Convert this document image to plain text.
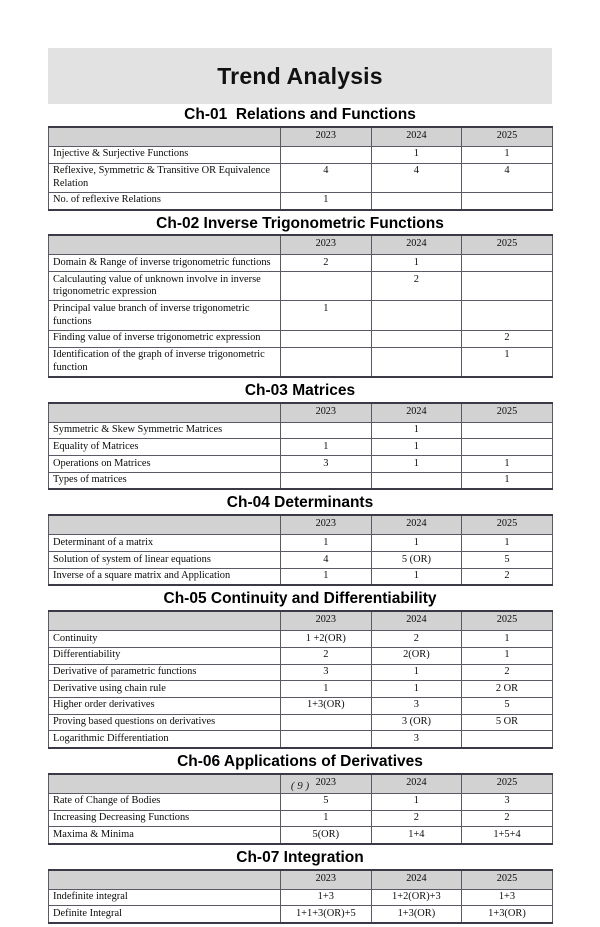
Trend Analysis
Ch-01  Relations and Functions
	2023	2024	2025
Injective & Surjective Functions		1	1
Reflexive, Symmetric & Transitive OR Equivalence Relation	4	4	4
No. of reflexive Relations	1		
Ch-02 Inverse Trigonometric Functions
	2023	2024	2025
Domain & Range of inverse trigonometric functions	2	1	
Calculauting value of unknown involve in inverse trigonometric expression		2	
Principal value branch of inverse trigonometric functions	1		
Finding value of inverse trigonometric expression			2
Identification of the graph of inverse trigonometric function			1
Ch-03 Matrices
	2023	2024	2025
Symmetric & Skew Symmetric Matrices		1	
Equality of Matrices	1	1	
Operations on Matrices	3	1	1
Types of matrices			1
Ch-04 Determinants
	2023	2024	2025
Determinant of a matrix	1	1	1
Solution of system of linear equations	4	5 (OR)	5
Inverse of a square matrix and Application	1	1	2
Ch-05 Continuity and Differentiability
	2023	2024	2025
Continuity	1 +2(OR)	2	1
Differentiability	2	2(OR)	1
Derivative of parametric functions	3	1	2
Derivative using chain rule	1	1	2 OR
Higher order derivatives	1+3(OR)	3	5
Proving based questions on derivatives		3 (OR)	5 OR
Logarithmic Differentiation		3	
Ch-06 Applications of Derivatives
	2023	2024	2025
Rate of Change of Bodies	5	1	3
Increasing Decreasing Functions	1	2	2
Maxima & Minima	5(OR)	1+4	1+5+4
Ch-07 Integration
	2023	2024	2025
Indefinite integral	1+3	1+2(OR)+3	1+3
Definite Integral	1+1+3(OR)+5	1+3(OR)	1+3(OR)
( 9 )
